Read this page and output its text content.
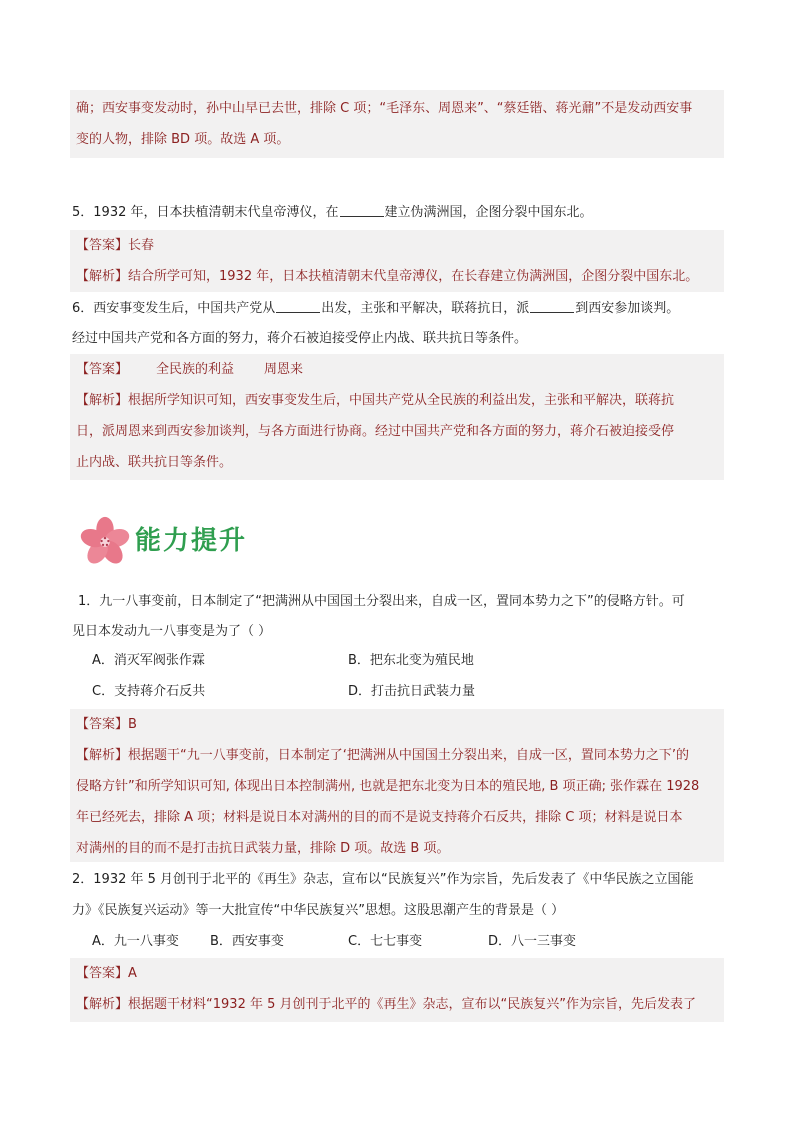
确；西安事变发动时，孙中山早已去世，排除 C 项；“毛泽东、周恩来”、“蔡廷锴、蒋光鼐”不是发动西安事
变的人物，排除 BD 项。故选 A 项。
5．1932 年，日本扶植清朝末代皇帝溥仪，在	建立伪满洲国，企图分裂中国东北。
【答案】长春
【解析】结合所学可知，1932 年，日本扶植清朝末代皇帝溥仪，在长春建立伪满洲国，企图分裂中国东北。
6．西安事变发生后，中国共产党从	出发，主张和平解决，联蒋抗日，派	到西安参加谈判。
经过中国共产党和各方面的努力，蒋介石被迫接受停止内战、联共抗日等条件。
【答案】 全民族的利益 周恩来
【解析】根据所学知识可知，西安事变发生后，中国共产党从全民族的利益出发，主张和平解决，联蒋抗
日，派周恩来到西安参加谈判，与各方面进行协商。经过中国共产党和各方面的努力，蒋介石被迫接受停
止内战、联共抗日等条件。
能力提升
1．九一八事变前，日本制定了“把满洲从中国国土分裂出来，自成一区，置同本势力之下”的侵略方针。可
见日本发动九一八事变是为了（ ）
A．消灭军阀张作霖	B．把东北变为殖民地
C．支持蒋介石反共	D．打击抗日武装力量
【答案】B
【解析】根据题干“九一八事变前，日本制定了‘把满洲从中国国土分裂出来，自成一区，置同本势力之下’的
侵略方针”和所学知识可知, 体现出日本控制满州, 也就是把东北变为日本的殖民地, B 项正确; 张作霖在 1928
年已经死去，排除 A 项；材料是说日本对满州的目的而不是说支持蒋介石反共，排除 C 项；材料是说日本
对满州的目的而不是打击抗日武装力量，排除 D 项。故选 B 项。
2．1932 年 5 月创刊于北平的《再生》杂志，宣布以“民族复兴”作为宗旨，先后发表了《中华民族之立国能
力》《民族复兴运动》等一大批宣传“中华民族复兴”思想。这股思潮产生的背景是（ ）
A．九一八事变 B．西安事变	C．七七事变	D．八一三事变
【答案】A
【解析】根据题干材料“1932 年 5 月创刊于北平的《再生》杂志，宣布以“民族复兴”作为宗旨，先后发表了
